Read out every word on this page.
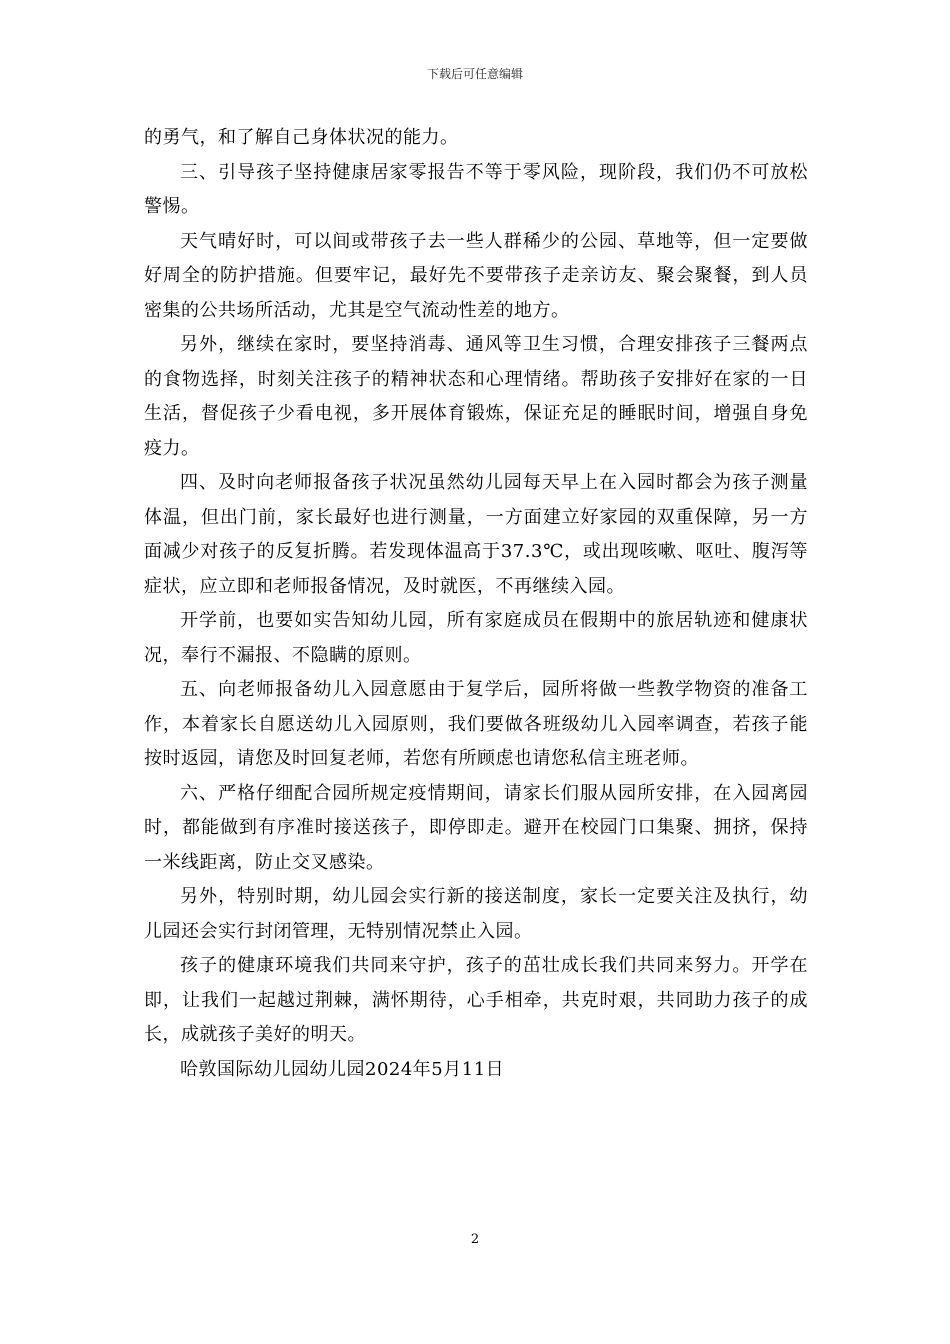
下载后可任意编辑

的勇气，和了解自己身体状况的能力。

三、引导孩子坚持健康居家零报告不等于零风险，现阶段，我们仍不可放松警惕。

天气晴好时，可以间或带孩子去一些人群稀少的公园、草地等，但一定要做好周全的防护措施。但要牢记，最好先不要带孩子走亲访友、聚会聚餐，到人员密集的公共场所活动，尤其是空气流动性差的地方。

另外，继续在家时，要坚持消毒、通风等卫生习惯，合理安排孩子三餐两点的食物选择，时刻关注孩子的精神状态和心理情绪。帮助孩子安排好在家的一日生活，督促孩子少看电视，多开展体育锻炼，保证充足的睡眠时间，增强自身免疫力。

四、及时向老师报备孩子状况虽然幼儿园每天早上在入园时都会为孩子测量体温，但出门前，家长最好也进行测量，一方面建立好家园的双重保障，另一方面减少对孩子的反复折腾。若发现体温高于37.3℃，或出现咳嗽、呕吐、腹泻等症状，应立即和老师报备情况，及时就医，不再继续入园。

开学前，也要如实告知幼儿园，所有家庭成员在假期中的旅居轨迹和健康状况，奉行不漏报、不隐瞒的原则。

五、向老师报备幼儿入园意愿由于复学后，园所将做一些教学物资的准备工作，本着家长自愿送幼儿入园原则，我们要做各班级幼儿入园率调查，若孩子能按时返园，请您及时回复老师，若您有所顾虑也请您私信主班老师。

六、严格仔细配合园所规定疫情期间，请家长们服从园所安排，在入园离园时，都能做到有序准时接送孩子，即停即走。避开在校园门口集聚、拥挤，保持一米线距离，防止交叉感染。

另外，特别时期，幼儿园会实行新的接送制度，家长一定要关注及执行，幼儿园还会实行封闭管理，无特别情况禁止入园。

孩子的健康环境我们共同来守护，孩子的茁壮成长我们共同来努力。开学在即，让我们一起越过荆棘，满怀期待，心手相牵，共克时艰，共同助力孩子的成长，成就孩子美好的明天。

哈敦国际幼儿园幼儿园2024年5月11日

2
